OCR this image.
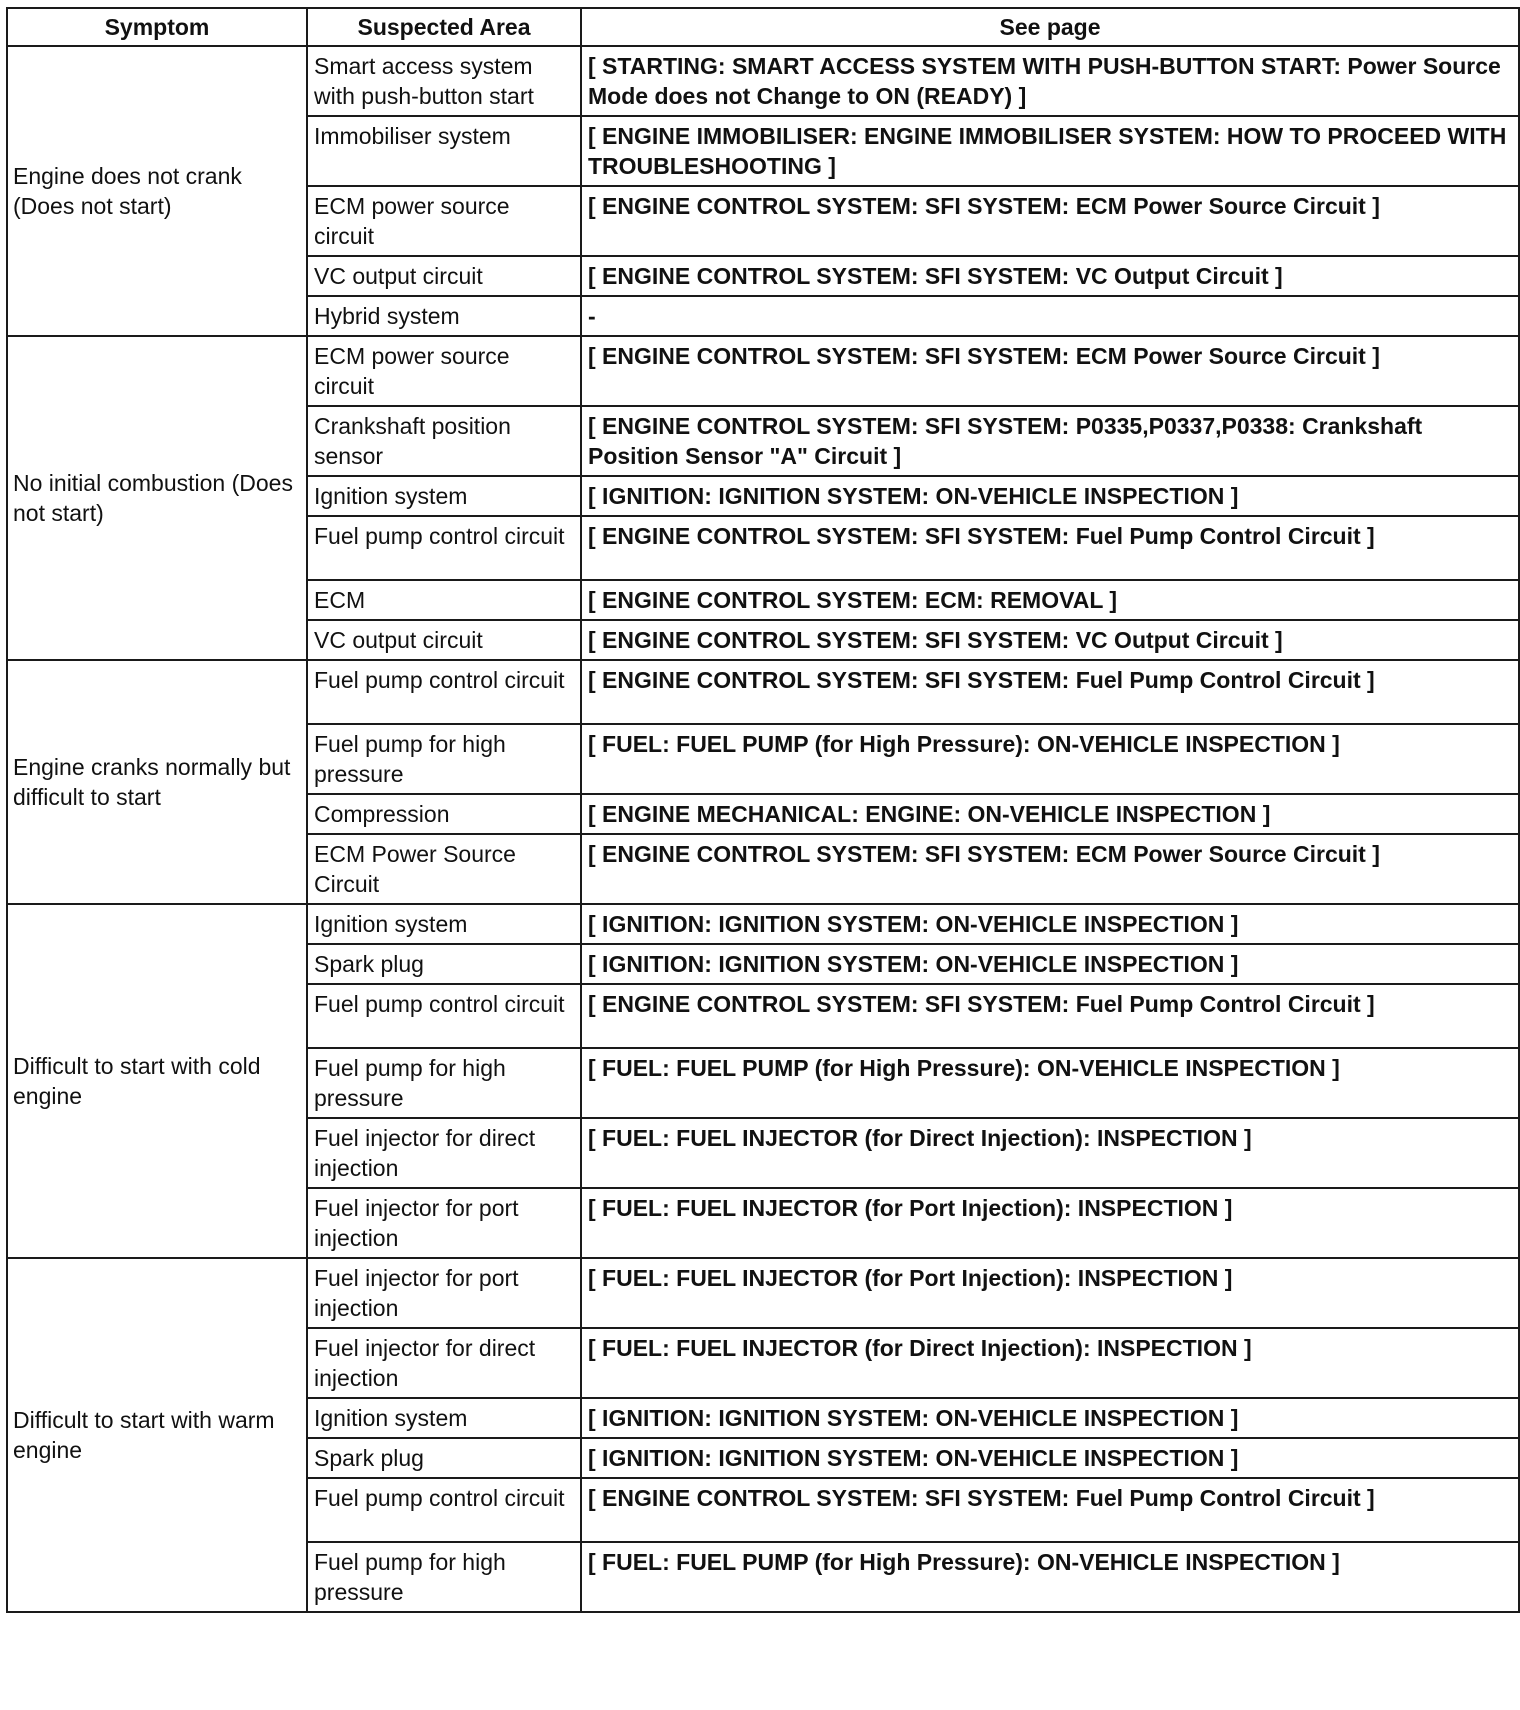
Symptom	Suspected Area	See page
Engine does not crank (Does not start)	Smart access system with push-button start	[ STARTING: SMART ACCESS SYSTEM WITH PUSH-BUTTON START: Power Source Mode does not Change to ON (READY) ]
	Immobiliser system	[ ENGINE IMMOBILISER: ENGINE IMMOBILISER SYSTEM: HOW TO PROCEED WITH TROUBLESHOOTING ]
	ECM power source circuit	[ ENGINE CONTROL SYSTEM: SFI SYSTEM: ECM Power Source Circuit ]
	VC output circuit	[ ENGINE CONTROL SYSTEM: SFI SYSTEM: VC Output Circuit ]
	Hybrid system	-
No initial combustion (Does not start)	ECM power source circuit	[ ENGINE CONTROL SYSTEM: SFI SYSTEM: ECM Power Source Circuit ]
	Crankshaft position sensor	[ ENGINE CONTROL SYSTEM: SFI SYSTEM: P0335,P0337,P0338: Crankshaft Position Sensor "A" Circuit ]
	Ignition system	[ IGNITION: IGNITION SYSTEM: ON-VEHICLE INSPECTION ]
	Fuel pump control circuit	[ ENGINE CONTROL SYSTEM: SFI SYSTEM: Fuel Pump Control Circuit ]
	ECM	[ ENGINE CONTROL SYSTEM: ECM: REMOVAL ]
	VC output circuit	[ ENGINE CONTROL SYSTEM: SFI SYSTEM: VC Output Circuit ]
Engine cranks normally but difficult to start	Fuel pump control circuit	[ ENGINE CONTROL SYSTEM: SFI SYSTEM: Fuel Pump Control Circuit ]
	Fuel pump for high pressure	[ FUEL: FUEL PUMP (for High Pressure): ON-VEHICLE INSPECTION ]
	Compression	[ ENGINE MECHANICAL: ENGINE: ON-VEHICLE INSPECTION ]
	ECM Power Source Circuit	[ ENGINE CONTROL SYSTEM: SFI SYSTEM: ECM Power Source Circuit ]
Difficult to start with cold engine	Ignition system	[ IGNITION: IGNITION SYSTEM: ON-VEHICLE INSPECTION ]
	Spark plug	[ IGNITION: IGNITION SYSTEM: ON-VEHICLE INSPECTION ]
	Fuel pump control circuit	[ ENGINE CONTROL SYSTEM: SFI SYSTEM: Fuel Pump Control Circuit ]
	Fuel pump for high pressure	[ FUEL: FUEL PUMP (for High Pressure): ON-VEHICLE INSPECTION ]
	Fuel injector for direct injection	[ FUEL: FUEL INJECTOR (for Direct Injection): INSPECTION ]
	Fuel injector for port injection	[ FUEL: FUEL INJECTOR (for Port Injection): INSPECTION ]
Difficult to start with warm engine	Fuel injector for port injection	[ FUEL: FUEL INJECTOR (for Port Injection): INSPECTION ]
	Fuel injector for direct injection	[ FUEL: FUEL INJECTOR (for Direct Injection): INSPECTION ]
	Ignition system	[ IGNITION: IGNITION SYSTEM: ON-VEHICLE INSPECTION ]
	Spark plug	[ IGNITION: IGNITION SYSTEM: ON-VEHICLE INSPECTION ]
	Fuel pump control circuit	[ ENGINE CONTROL SYSTEM: SFI SYSTEM: Fuel Pump Control Circuit ]
	Fuel pump for high pressure	[ FUEL: FUEL PUMP (for High Pressure): ON-VEHICLE INSPECTION ]
